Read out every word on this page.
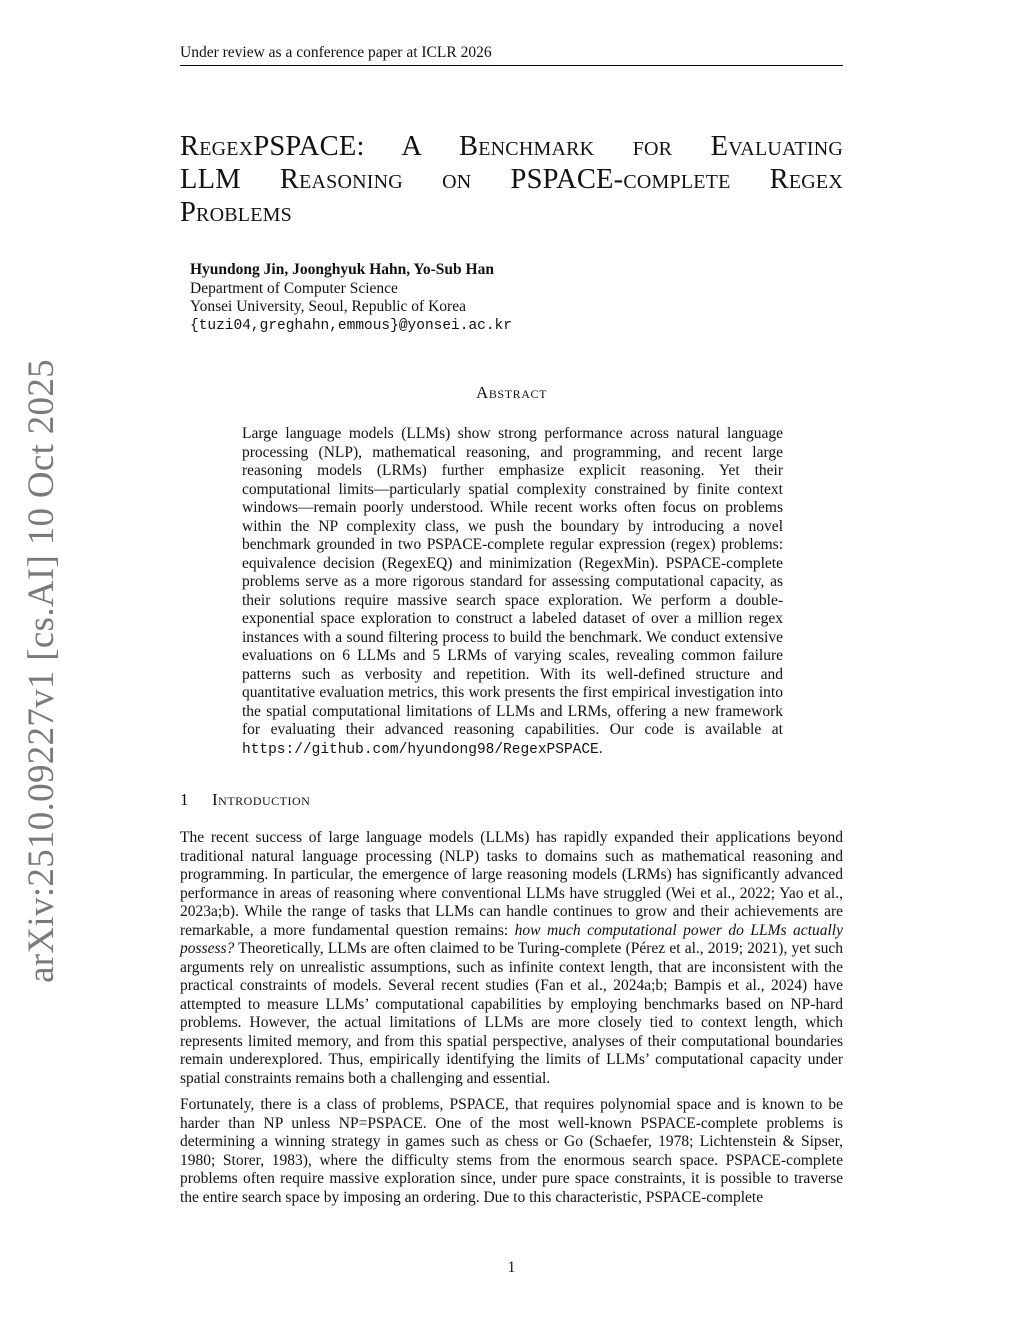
Under review as a conference paper at ICLR 2026
RegexPSPACE: A Benchmark for Evaluating
LLM Reasoning on PSPACE-complete Regex
Problems
Hyundong Jin, Joonghyuk Hahn, Yo-Sub Han
Department of Computer Science
Yonsei University, Seoul, Republic of Korea
{tuzi04,greghahn,emmous}@yonsei.ac.kr
Abstract
Large language models (LLMs) show strong performance across natural language processing (NLP), mathematical reasoning, and programming, and recent large reasoning models (LRMs) further emphasize explicit reasoning. Yet their computational limits—particularly spatial complexity constrained by finite context windows—remain poorly understood. While recent works often focus on problems within the NP complexity class, we push the boundary by introducing a novel benchmark grounded in two PSPACE-complete regular expression (regex) problems: equivalence decision (RegexEQ) and minimization (RegexMin). PSPACE-complete problems serve as a more rigorous standard for assessing computational capacity, as their solutions require massive search space exploration. We perform a double-exponential space exploration to construct a labeled dataset of over a million regex instances with a sound filtering process to build the benchmark. We conduct extensive evaluations on 6 LLMs and 5 LRMs of varying scales, revealing common failure patterns such as verbosity and repetition. With its well-defined structure and quantitative evaluation metrics, this work presents the first empirical investigation into the spatial computational limitations of LLMs and LRMs, offering a new framework for evaluating their advanced reasoning capabilities. Our code is available at https://github.com/hyundong98/RegexPSPACE.
1 Introduction

The recent success of large language models (LLMs) has rapidly expanded their applications beyond traditional natural language processing (NLP) tasks to domains such as mathematical reasoning and programming. In particular, the emergence of large reasoning models (LRMs) has significantly advanced performance in areas of reasoning where conventional LLMs have struggled (Wei et al., 2022; Yao et al., 2023a;b). While the range of tasks that LLMs can handle continues to grow and their achievements are remarkable, a more fundamental question remains: how much computational power do LLMs actually possess? Theoretically, LLMs are often claimed to be Turing-complete (Pérez et al., 2019; 2021), yet such arguments rely on unrealistic assumptions, such as infinite context length, that are inconsistent with the practical constraints of models. Several recent studies (Fan et al., 2024a;b; Bampis et al., 2024) have attempted to measure LLMs’ computational capabilities by employing benchmarks based on NP-hard problems. However, the actual limitations of LLMs are more closely tied to context length, which represents limited memory, and from this spatial perspective, analyses of their computational boundaries remain underexplored. Thus, empirically identifying the limits of LLMs’ computational capacity under spatial constraints remains both a challenging and essential.

Fortunately, there is a class of problems, PSPACE, that requires polynomial space and is known to be harder than NP unless NP=PSPACE. One of the most well-known PSPACE-complete problems is determining a winning strategy in games such as chess or Go (Schaefer, 1978; Lichtenstein & Sipser, 1980; Storer, 1983), where the difficulty stems from the enormous search space. PSPACE-complete problems often require massive exploration since, under pure space constraints, it is possible to traverse the entire search space by imposing an ordering. Due to this characteristic, PSPACE-complete

1
arXiv:2510.09227v1 [cs.AI] 10 Oct 2025
